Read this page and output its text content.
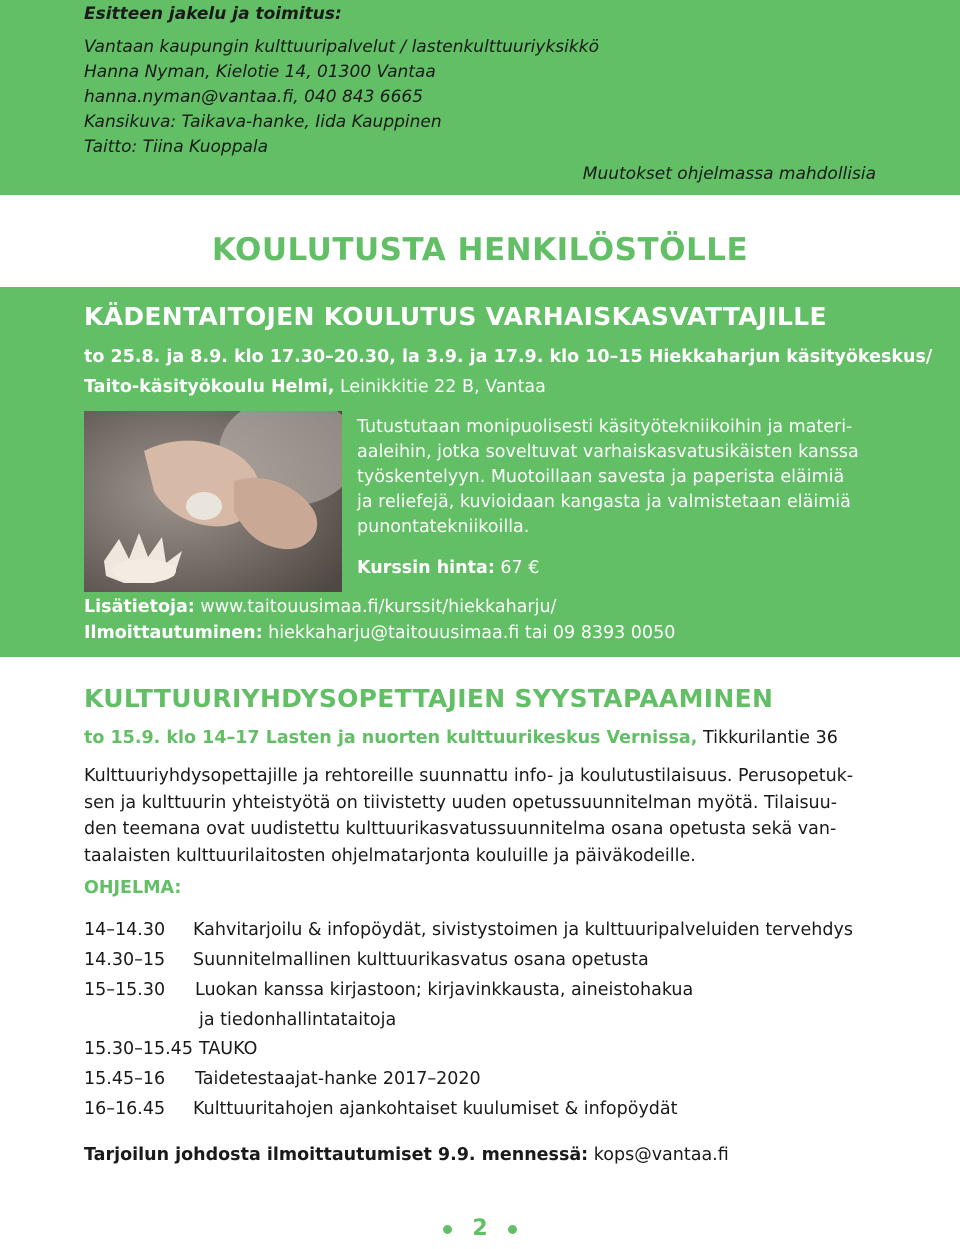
Esitteen jakelu ja toimitus:
Vantaan kaupungin kulttuuripalvelut / lastenkulttuuriyksikkö
Hanna Nyman, Kielotie 14, 01300 Vantaa
hanna.nyman@vantaa.fi, 040 843 6665
Kansikuva: Taikava-hanke, Iida Kauppinen
Taitto: Tiina Kuoppala
Muutokset ohjelmassa mahdollisia
KOULUTUSTA HENKILÖSTÖLLE
KÄDENTAITOJEN KOULUTUS VARHAISKASVATTAJILLE
to 25.8. ja 8.9. klo 17.30–20.30, la 3.9. ja 17.9. klo 10–15 Hiekkaharjun käsityökeskus/
Taito-käsityökoulu Helmi, Leinikkitie 22 B, Vantaa
Tutustutaan monipuolisesti käsityötekniikoihin ja materi-
aaleihin, jotka soveltuvat varhaiskasvatusikäisten kanssa
työskentelyyn. Muotoillaan savesta ja paperista eläimiä
ja reliefejä, kuvioidaan kangasta ja valmistetaan eläimiä
punontatekniikoilla.
Kurssin hinta: 67 €
Lisätietoja: www.taitouusimaa.fi/kurssit/hiekkaharju/
Ilmoittautuminen: hiekkaharju@taitouusimaa.fi tai 09 8393 0050
KULTTUURIYHDYSOPETTAJIEN SYYSTAPAAMINEN
to 15.9. klo 14–17 Lasten ja nuorten kulttuurikeskus Vernissa, Tikkurilantie 36
Kulttuuriyhdysopettajille ja rehtoreille suunnattu info- ja koulutustilaisuus. Perusopetuk-
sen ja kulttuurin yhteistyötä on tiivistetty uuden opetussuunnitelman myötä. Tilaisuu-
den teemana ovat uudistettu kulttuurikasvatussuunnitelma osana opetusta sekä van-
taalaisten kulttuurilaitosten ohjelmatarjonta kouluille ja päiväkodeille.
OHJELMA:
14–14.30 Kahvitarjoilu & infopöydät, sivistystoimen ja kulttuuripalveluiden tervehdys
14.30–15 Suunnitelmallinen kulttuurikasvatus osana opetusta
15–15.30 Luokan kanssa kirjastoon; kirjavinkkausta, aineistohakua
ja tiedonhallintataitoja
15.30–15.45 TAUKO
15.45–16 Taidetestaajat-hanke 2017–2020
16–16.45 Kulttuuritahojen ajankohtaiset kuulumiset & infopöydät
Tarjoilun johdosta ilmoittautumiset 9.9. mennessä: kops@vantaa.fi
2
